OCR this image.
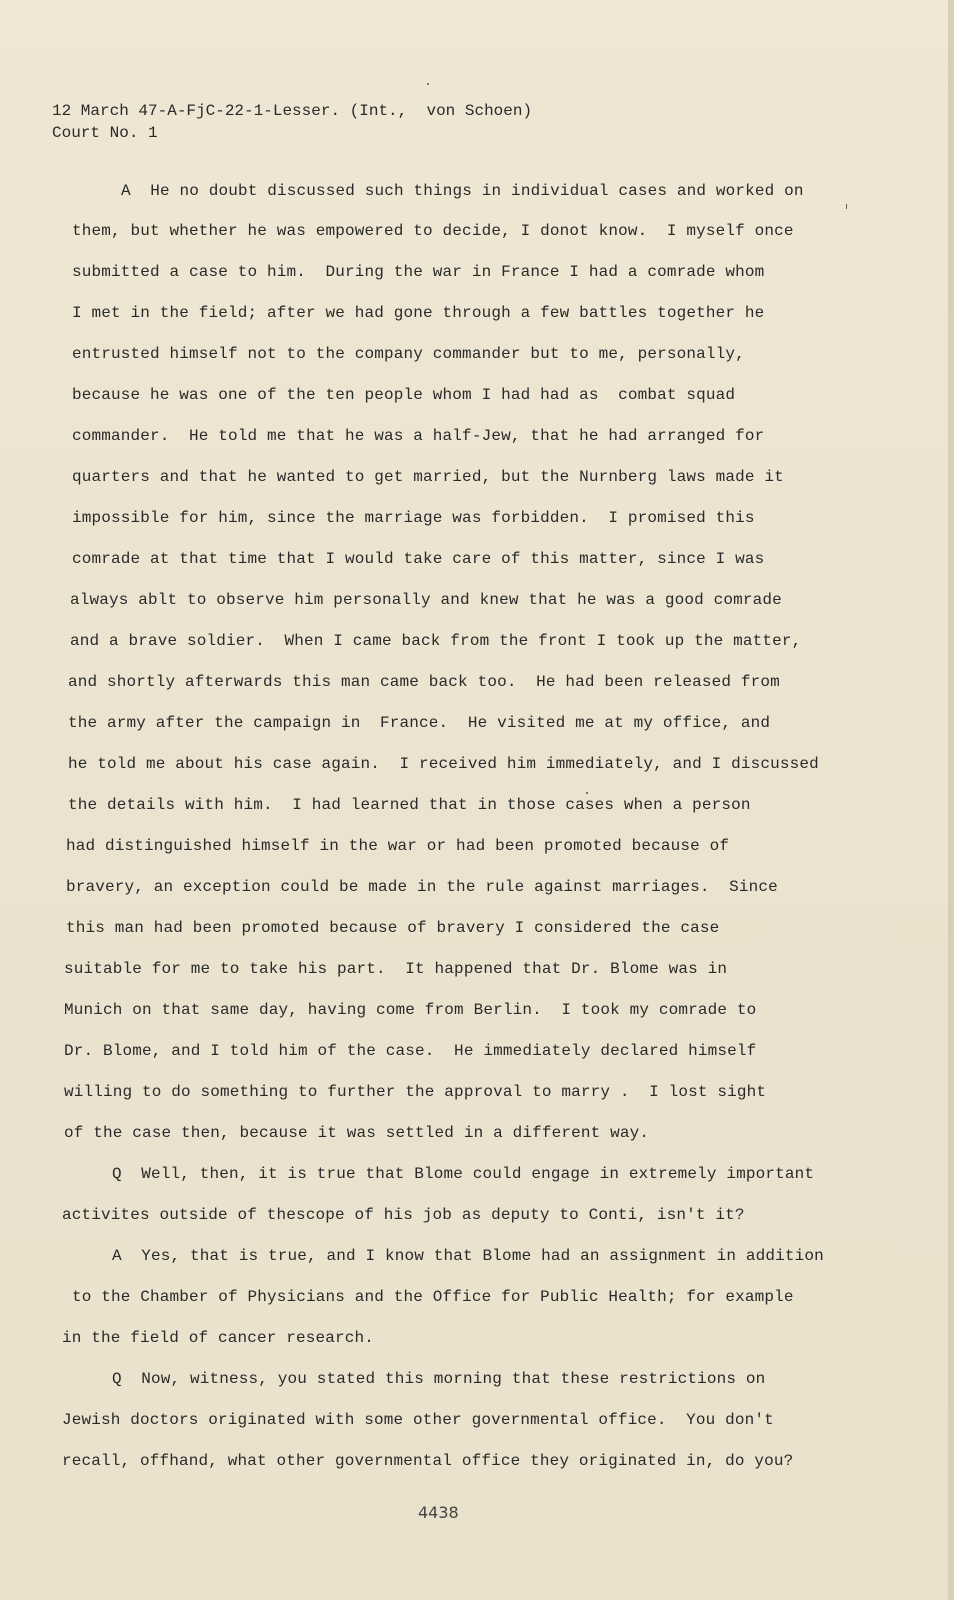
12 March 47-A-FjC-22-1-Lesser. (Int.,  von Schoen)
Court No. 1
A  He no doubt discussed such things in individual cases and worked on
them, but whether he was empowered to decide, I donot know.  I myself once
submitted a case to him.  During the war in France I had a comrade whom
I met in the field; after we had gone through a few battles together he
entrusted himself not to the company commander but to me, personally,
because he was one of the ten people whom I had had as  combat squad
commander.  He told me that he was a half-Jew, that he had arranged for
quarters and that he wanted to get married, but the Nurnberg laws made it
impossible for him, since the marriage was forbidden.  I promised this
comrade at that time that I would take care of this matter, since I was
always ablt to observe him personally and knew that he was a good comrade
and a brave soldier.  When I came back from the front I took up the matter,
and shortly afterwards this man came back too.  He had been released from
the army after the campaign in  France.  He visited me at my office, and
he told me about his case again.  I received him immediately, and I discussed
the details with him.  I had learned that in those cases when a person
had distinguished himself in the war or had been promoted because of
bravery, an exception could be made in the rule against marriages.  Since
this man had been promoted because of bravery I considered the case
suitable for me to take his part.  It happened that Dr. Blome was in
Munich on that same day, having come from Berlin.  I took my comrade to
Dr. Blome, and I told him of the case.  He immediately declared himself
willing to do something to further the approval to marry .  I lost sight
of the case then, because it was settled in a different way.
Q  Well, then, it is true that Blome could engage in extremely important
activites outside of thescope of his job as deputy to Conti, isn't it?
A  Yes, that is true, and I know that Blome had an assignment in addition
to the Chamber of Physicians and the Office for Public Health; for example
in the field of cancer research.
Q  Now, witness, you stated this morning that these restrictions on
Jewish doctors originated with some other governmental office.  You don't
recall, offhand, what other governmental office they originated in, do you?
4438
